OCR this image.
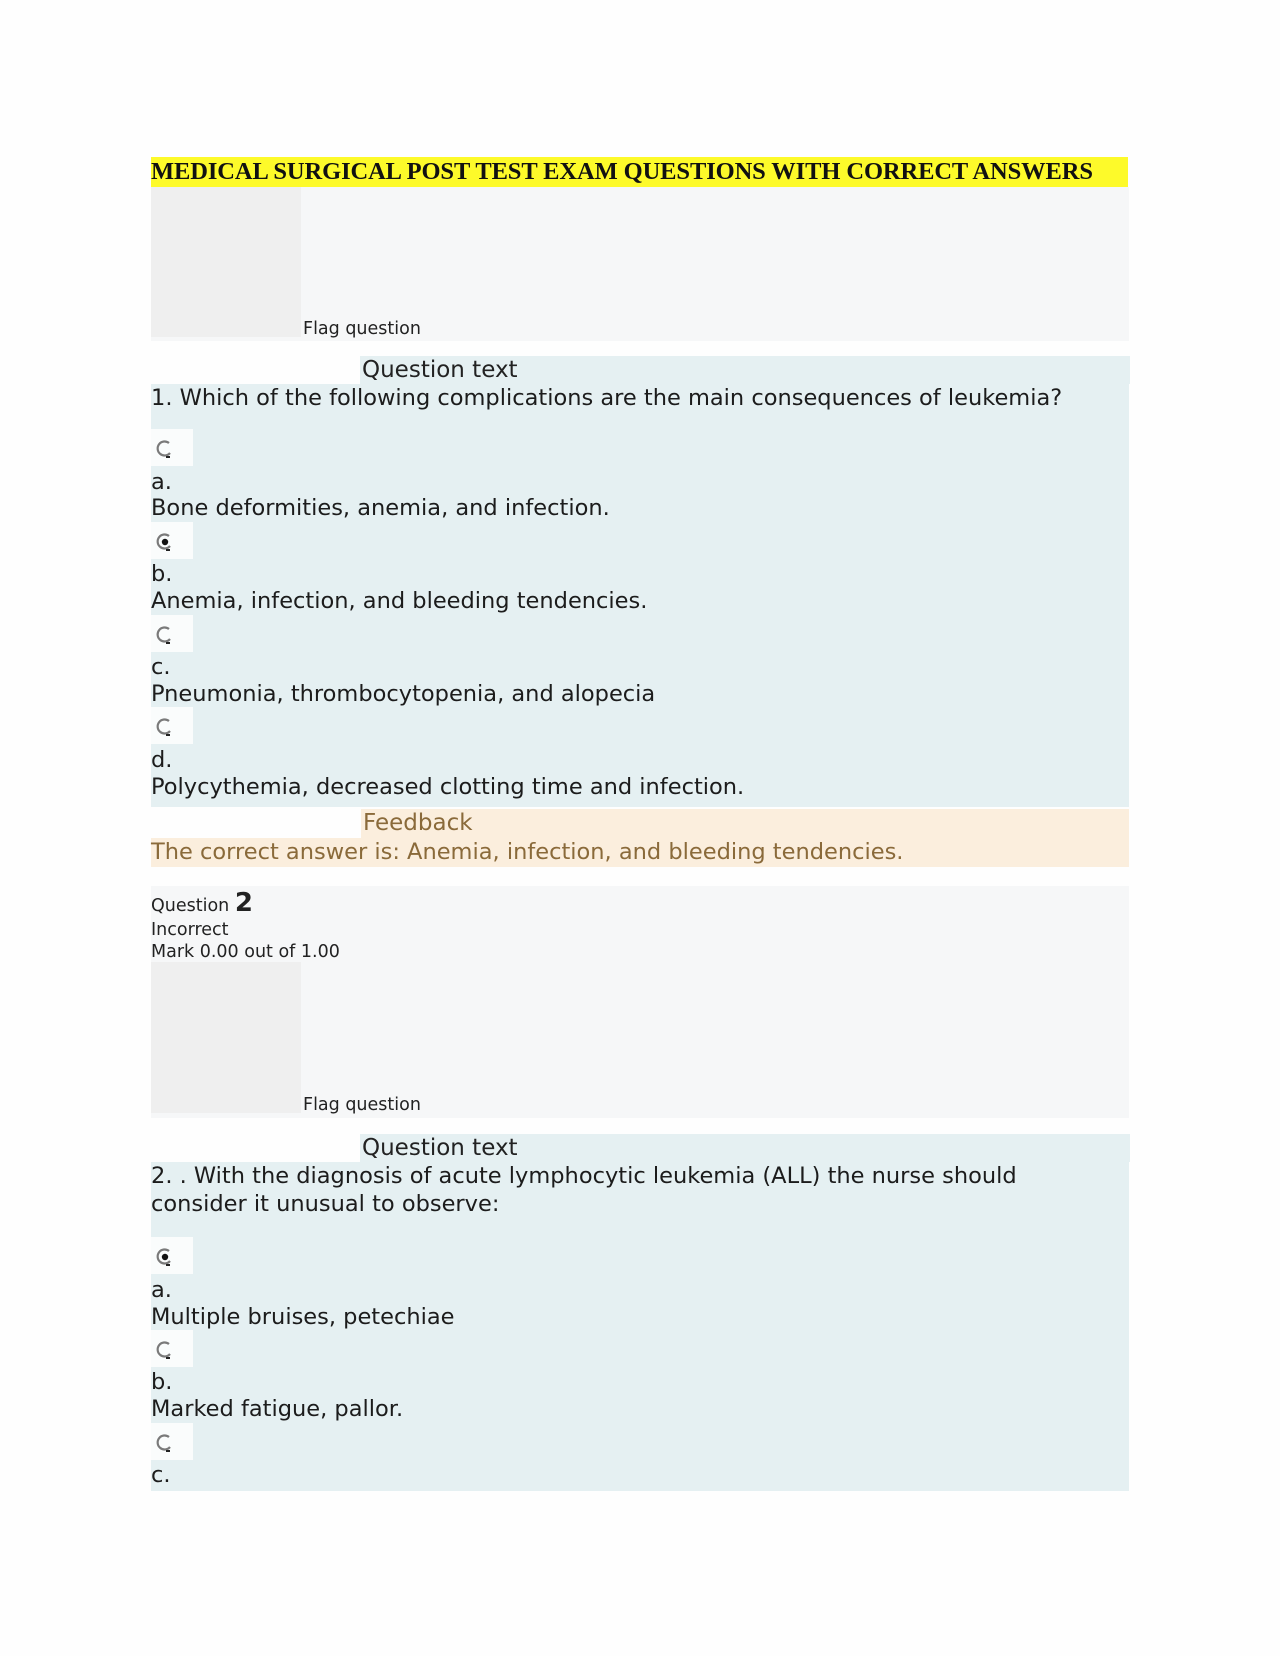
MEDICAL SURGICAL POST TEST EXAM QUESTIONS WITH CORRECT ANSWERS
Flag question
Question text
1. Which of the following complications are the main consequences of leukemia?
a.
Bone deformities, anemia, and infection.
b.
Anemia, infection, and bleeding tendencies.
c.
Pneumonia, thrombocytopenia, and alopecia
d.
Polycythemia, decreased clotting time and infection.
Feedback
The correct answer is: Anemia, infection, and bleeding tendencies.
Question 2
Incorrect
Mark 0.00 out of 1.00
Flag question
Question text
2. . With the diagnosis of acute lymphocytic leukemia (ALL) the nurse should
consider it unusual to observe:
a.
Multiple bruises, petechiae
b.
Marked fatigue, pallor.
c.
